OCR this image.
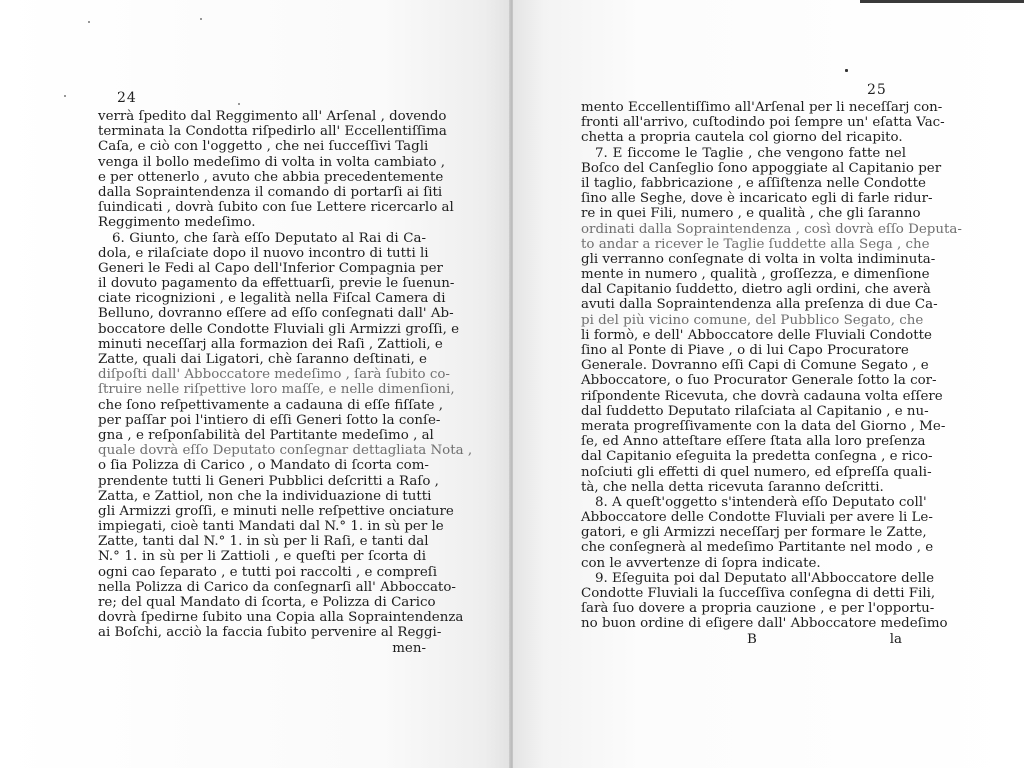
24
verrà ſpedito dal Reggimento all' Arſenal , dovendo
terminata la Condotta riſpedirlo all' Eccellentiſſima
Caſa, e ciò con l'oggetto , che nei ſucceſſivi Tagli
venga il bollo medeſimo di volta in volta cambiato ,
e per ottenerlo , avuto che abbia precedentemente
dalla Sopraintendenza il comando di portarſi ai ſiti
ſuindicati , dovrà ſubito con ſue Lettere ricercarlo al
Reggimento medeſimo.
6. Giunto, che ſarà eſſo Deputato al Rai di Ca-
dola, e rilaſciate dopo il nuovo incontro di tutti li
Generi le Fedi al Capo dell'Inferior Compagnia per
il dovuto pagamento da effettuarſi, previe le ſuenun-
ciate ricognizioni , e legalità nella Fiſcal Camera di
Belluno, dovranno eſſere ad eſſo conſegnati dall' Ab-
boccatore delle Condotte Fluviali gli Armizzi groſſi, e
minuti neceſſarj alla formazion dei Raſi , Zattioli, e
Zatte, quali dai Ligatori, chè ſaranno deſtinati, e
diſpoſti dall' Abboccatore medeſimo , ſarà ſubito co-
ſtruire nelle riſpettive loro maſſe, e nelle dimenſioni,
che ſono reſpettivamente a cadauna di eſſe fiſſate ,
per paſſar poi l'intiero di eſſi Generi ſotto la conſe-
gna , e reſponſabilità del Partitante medeſimo , al
quale dovrà eſſo Deputato conſegnar dettagliata Nota ,
o ſia Polizza di Carico , o Mandato di ſcorta com-
prendente tutti li Generi Pubblici deſcritti a Raſo ,
Zatta, e Zattiol, non che la individuazione di tutti
gli Armizzi groſſi, e minuti nelle reſpettive onciature
impiegati, cioè tanti Mandati dal N.° 1. in sù per le
Zatte, tanti dal N.° 1. in sù per li Raſi, e tanti dal
N.° 1. in sù per li Zattioli , e queſti per ſcorta di
ogni cao ſeparato , e tutti poi raccolti , e compreſi
nella Polizza di Carico da conſegnarſi all' Abboccato-
re; del qual Mandato di ſcorta, e Polizza di Carico
dovrà ſpedirne ſubito una Copia alla Sopraintendenza
ai Boſchi, acciò la faccia ſubito pervenire al Reggi-
men-
25
mento Eccellentiſſimo all'Arſenal per li neceſſarj con-
fronti all'arrivo, cuſtodindo poi ſempre un' eſatta Vac-
chetta a propria cautela col giorno del ricapito.
7. E ſiccome le Taglie , che vengono fatte nel
Boſco del Canſeglio ſono appoggiate al Capitanio per
il taglio, fabbricazione , e aſſiſtenza nelle Condotte
ſino alle Seghe, dove è incaricato egli di farle ridur-
re in quei Fili, numero , e qualità , che gli ſaranno
ordinati dalla Sopraintendenza , così dovrà eſſo Deputa-
to andar a ricever le Taglie ſuddette alla Sega , che
gli verranno conſegnate di volta in volta indiminuta-
mente in numero , qualità , groſſezza, e dimenſione
dal Capitanio ſuddetto, dietro agli ordini, che averà
avuti dalla Sopraintendenza alla preſenza di due Ca-
pi del più vicino comune, del Pubblico Segato, che
li formò, e dell' Abboccatore delle Fluviali Condotte
ſino al Ponte di Piave , o di lui Capo Procuratore
Generale. Dovranno eſſi Capi di Comune Segato , e
Abboccatore, o ſuo Procurator Generale ſotto la cor-
riſpondente Ricevuta, che dovrà cadauna volta eſſere
dal ſuddetto Deputato rilaſciata al Capitanio , e nu-
merata progreſſivamente con la data del Giorno , Me-
ſe, ed Anno atteſtare eſſere ſtata alla loro preſenza
dal Capitanio eſeguita la predetta conſegna , e rico-
noſciuti gli effetti di quel numero, ed eſpreſſa quali-
tà, che nella detta ricevuta ſaranno deſcritti.
8. A queſt'oggetto s'intenderà eſſo Deputato coll'
Abboccatore delle Condotte Fluviali per avere li Le-
gatori, e gli Armizzi neceſſarj per formare le Zatte,
che conſegnerà al medeſimo Partitante nel modo , e
con le avvertenze di ſopra indicate.
9. Eſeguita poi dal Deputato all'Abboccatore delle
Condotte Fluviali la ſucceſſiva conſegna di detti Fili,
ſarà ſuo dovere a propria cauzione , e per l'opportu-
no buon ordine di eſigere dall' Abboccatore medeſimo
B	la
